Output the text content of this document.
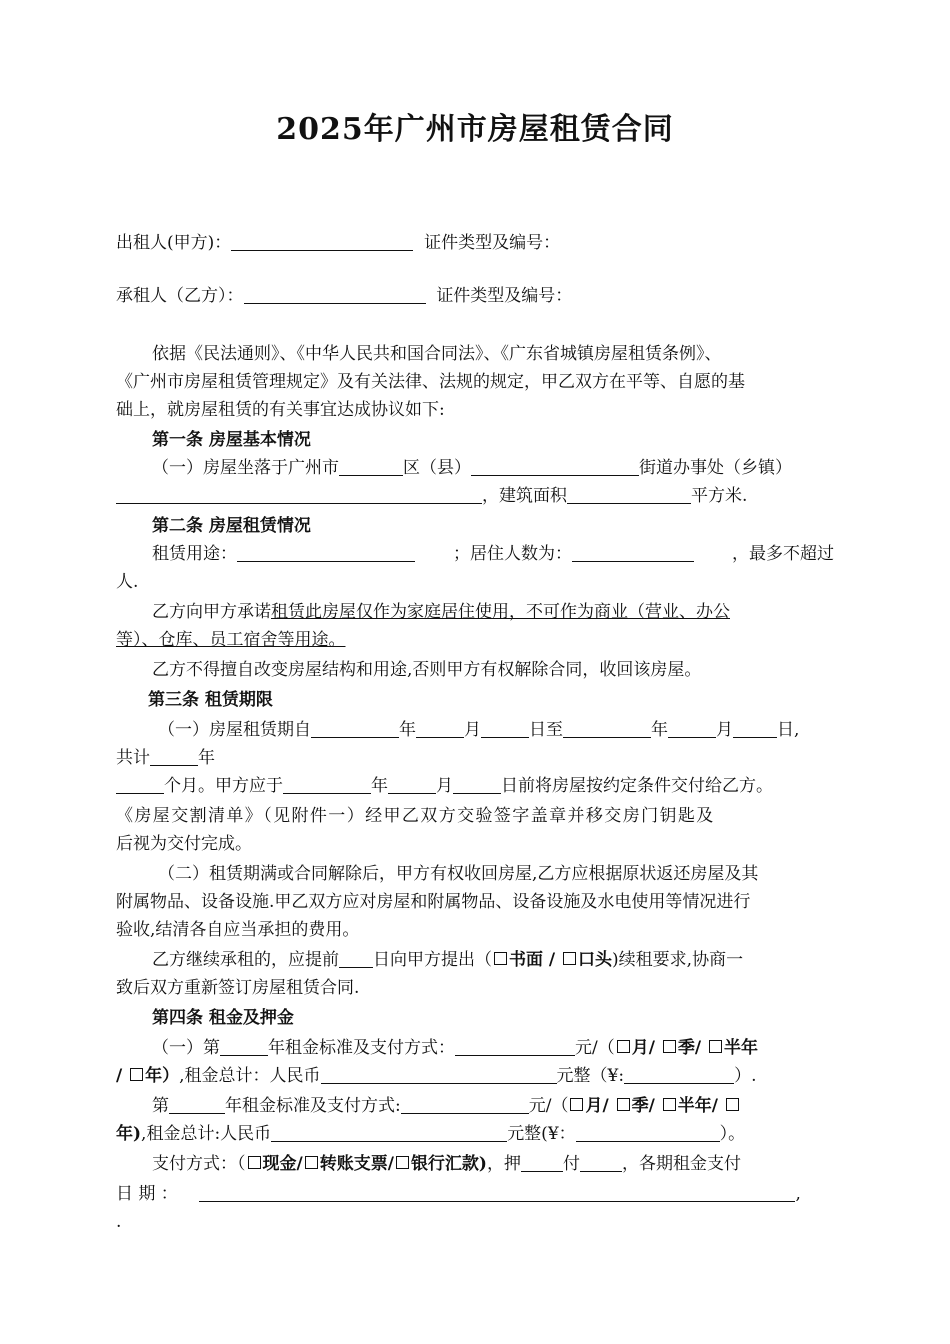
2025年广州市房屋租赁合同
出租人(甲方)：	证件类型及编号：
承租人（乙方）：	证件类型及编号：
依据《民法通则》、《中华人民共和国合同法》、《广东省城镇房屋租赁条例》、
《广州市房屋租赁管理规定》及有关法律、法规的规定，甲乙双方在平等、自愿的基
础上，就房屋租赁的有关事宜达成协议如下:
第一条 房屋基本情况
（一）房屋坐落于广州市	区（县）	街道办事处（乡镇）
，建筑面积	平方米.
第二条 房屋租赁情况
租赁用途：	；居住人数为：	，最多不超过
人.
乙方向甲方承诺租赁此房屋仅作为家庭居住使用，不可作为商业（营业、办公
等）、仓库、员工宿舍等用途。
乙方不得擅自改变房屋结构和用途,否则甲方有权解除合同，收回该房屋。
第三条 租赁期限
（一）房屋租赁期自	年	月	日至	年	月	日,
共计	年
个月。甲方应于	年	月	日前将房屋按约定条件交付给乙方。
《房屋交割清单》（见附件一）经甲乙双方交验签字盖章并移交房门钥匙及
后视为交付完成。
（二）租赁期满或合同解除后，甲方有权收回房屋,乙方应根据原状返还房屋及其
附属物品、设备设施.甲乙双方应对房屋和附属物品、设备设施及水电使用等情况进行
验收,结清各自应当承担的费用。
乙方继续承租的，应提前 日向甲方提出（ 书面 / 口头)续租要求,协商一
致后双方重新签订房屋租赁合同.
第四条 租金及押金
（一）第	年租金标准及支付方式：	元/（ 月/ 季/ 半年
/ 年）,租金总计：人民币	元整（¥:	）.
第	年租金标准及支付方式:	元/（ 月/ 季/ 半年/
年),租金总计:人民币	元整(¥：	）。
支付方式：（ 现金/ 转账支票/ 银行汇款)，押 付 ，各期租金支付
日 期 ：	,
.
